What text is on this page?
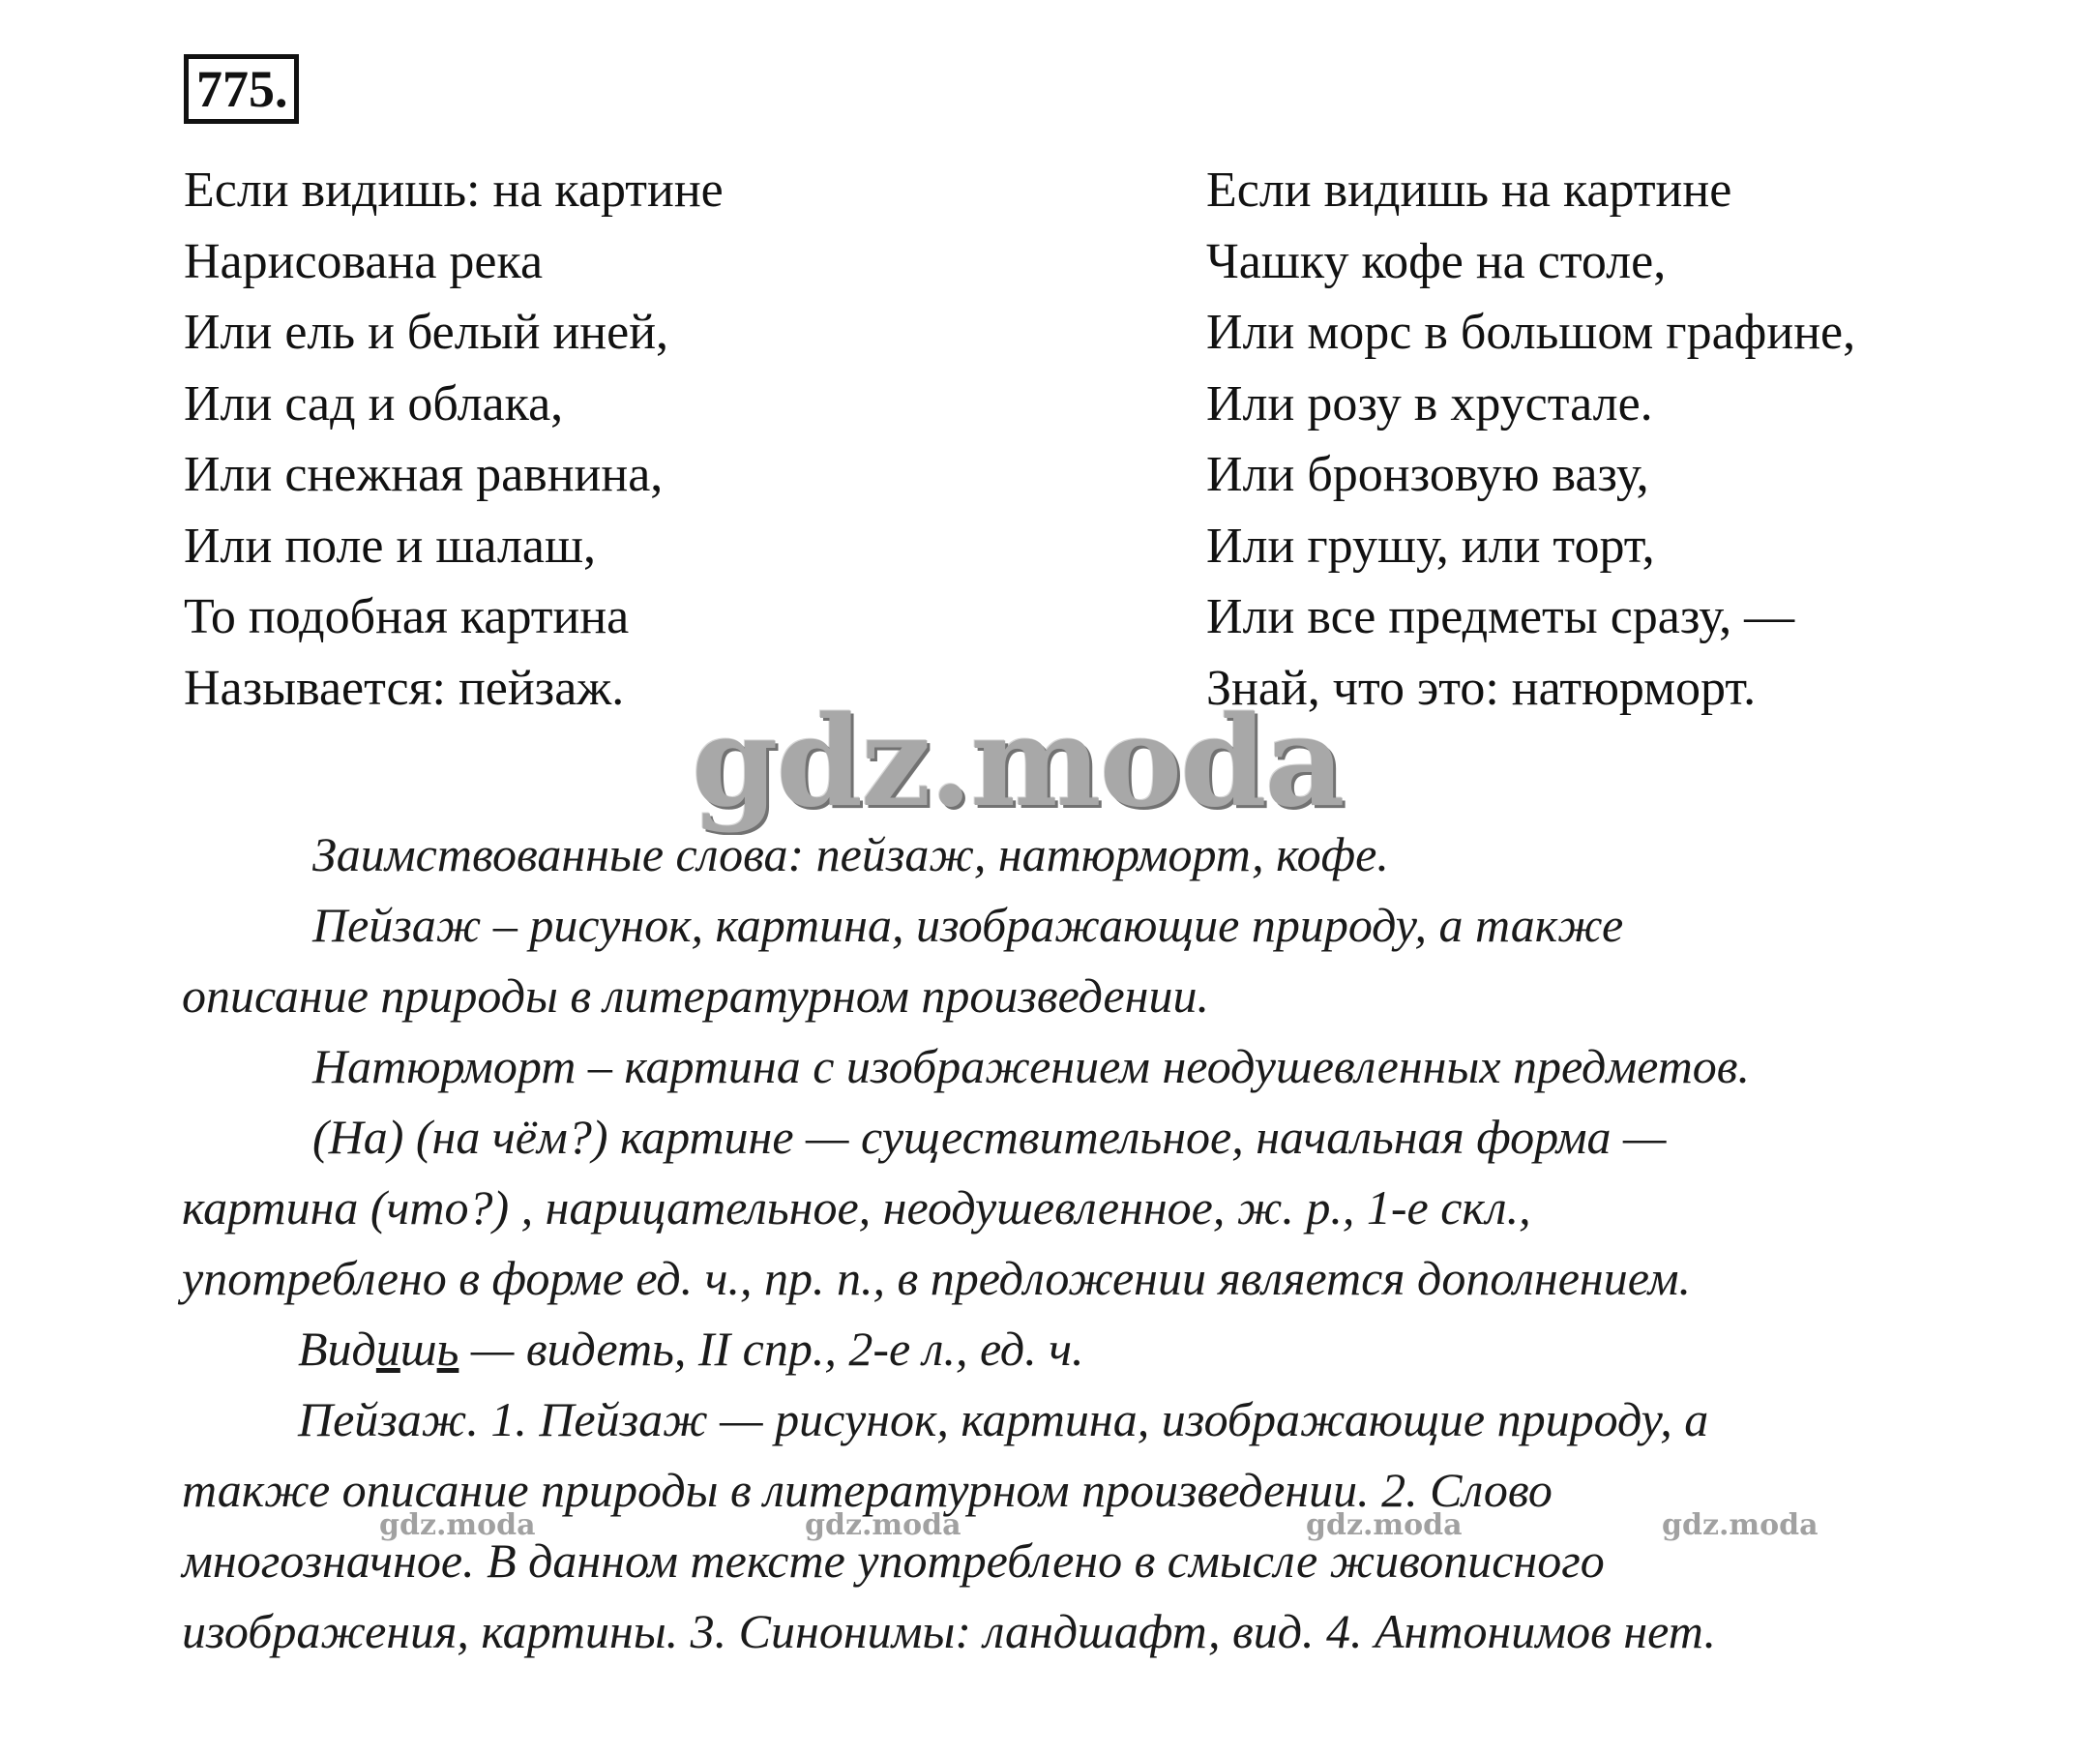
775.
Если видишь: на картине
Нарисована река
Или ель и белый иней,
Или сад и облака,
Или снежная равнина,
Или поле и шалаш,
То подобная картина
Называется: пейзаж.
Если видишь на картине
Чашку кофе на столе,
Или морс в большом графине,
Или розу в хрустале.
Или бронзовую вазу,
Или грушу, или торт,
Или все предметы сразу, —
Знай, что это: натюрморт.

Заимствованные слова: пейзаж, натюрморт, кофе.

Пейзаж – рисунок, картина, изображающие природу, а также

описание природы в литературном произведении.

Натюрморт – картина с изображением неодушевленных предметов.

(На) (на чём?) картине — существительное, начальная форма —

картина (что?) , нарицательное, неодушевленное, ж. р., 1-е скл.,

употреблено в форме ед. ч., пр. п., в предложении является дополнением.

Видишь — видеть, II спр., 2-е л., ед. ч.

Пейзаж. 1. Пейзаж — рисунок, картина, изображающие природу, а

также описание природы в литературном произведении. 2. Слово

многозначное. В данном тексте употреблено в смысле живописного

изображения, картины. 3. Синонимы: ландшафт, вид. 4. Антонимов нет.

gdz.moda
gdz.moda	gdz.moda	gdz.moda	gdz.moda
